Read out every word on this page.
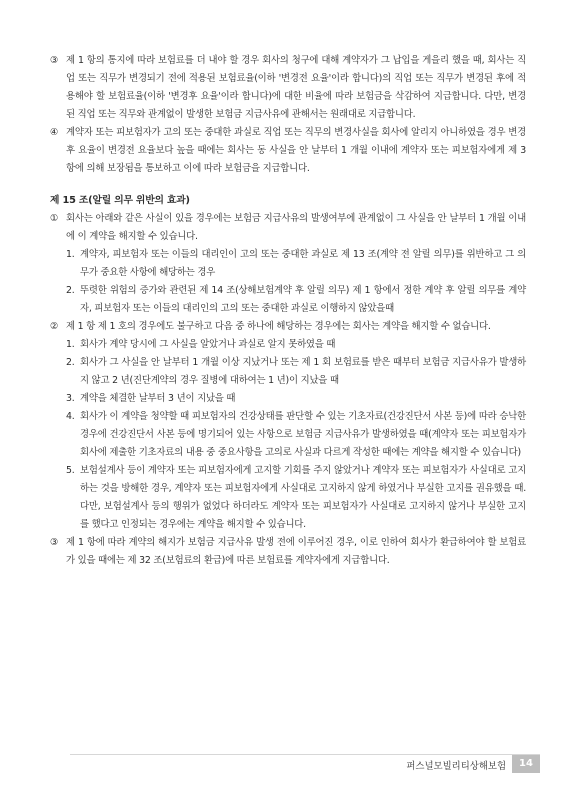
③ 제 1 항의 통지에 따라 보험료를 더 내야 할 경우 회사의 청구에 대해 계약자가 그 납입을 게을리 했을 때, 회사는 직업 또는 직무가 변경되기 전에 적용된 보험료율(이하 '변경전 요율'이라 합니다)의 직업 또는 직무가 변경된 후에 적용해야 할 보험료율(이하 '변경후 요율'이라 합니다)에 대한 비율에 따라 보험금을 삭감하여 지급합니다. 다만, 변경된 직업 또는 직무와 관계없이 발생한 보험금 지급사유에 관해서는 원래대로 지급합니다.
④ 계약자 또는 피보험자가 고의 또는 중대한 과실로 직업 또는 직무의 변경사실을 회사에 알리지 아니하였을 경우 변경후 요율이 변경전 요율보다 높을 때에는 회사는 동 사실을 안 날부터 1 개월 이내에 계약자 또는 피보험자에게 제 3 항에 의해 보장됨을 통보하고 이에 따라 보험금을 지급합니다.
제 15 조(알릴 의무 위반의 효과)
① 회사는 아래와 같은 사실이 있을 경우에는 보험금 지급사유의 발생여부에 관계없이 그 사실을 안 날부터 1 개월 이내에 이 계약을 해지할 수 있습니다.
1. 계약자, 피보험자 또는 이들의 대리인이 고의 또는 중대한 과실로 제 13 조(계약 전 알릴 의무)를 위반하고 그 의무가 중요한 사항에 해당하는 경우
2. 뚜렷한 위험의 증가와 관련된 제 14 조(상해보험계약 후 알릴 의무) 제 1 항에서 정한 계약 후 알릴 의무를 계약자, 피보험자 또는 이들의 대리인의 고의 또는 중대한 과실로 이행하지 않았을때
② 제 1 항 제 1 호의 경우에도 불구하고 다음 중 하나에 해당하는 경우에는 회사는 계약을 해지할 수 없습니다.
1. 회사가 계약 당시에 그 사실을 알았거나 과실로 알지 못하였을 때
2. 회사가 그 사실을 안 날부터 1 개월 이상 지났거나 또는 제 1 회 보험료를 받은 때부터 보험금 지급사유가 발생하지 않고 2 년(진단계약의 경우 질병에 대하여는 1 년)이 지났을 때
3. 계약을 체결한 날부터 3 년이 지났을 때
4. 회사가 이 계약을 청약할 때 피보험자의 건강상태를 판단할 수 있는 기초자료(건강진단서 사본 등)에 따라 승낙한 경우에 건강진단서 사본 등에 명기되어 있는 사항으로 보험금 지급사유가 발생하였을 때(계약자 또는 피보험자가 회사에 제출한 기초자료의 내용 중 중요사항을 고의로 사실과 다르게 작성한 때에는 계약을 해지할 수 있습니다)
5. 보험설계사 등이 계약자 또는 피보험자에게 고지할 기회를 주지 않았거나 계약자 또는 피보험자가 사실대로 고지하는 것을 방해한 경우, 계약자 또는 피보험자에게 사실대로 고지하지 않게 하였거나 부실한 고지를 권유했을 때. 다만, 보험설계사 등의 행위가 없었다 하더라도 계약자 또는 피보험자가 사실대로 고지하지 않거나 부실한 고지를 했다고 인정되는 경우에는 계약을 해지할 수 있습니다.
③ 제 1 항에 따라 계약의 해지가 보험금 지급사유 발생 전에 이루어진 경우, 이로 인하여 회사가 환급하여야 할 보험료가 있을 때에는 제 32 조(보험료의 환급)에 따른 보험료를 계약자에게 지급합니다.
퍼스널모빌리티상해보험	14
